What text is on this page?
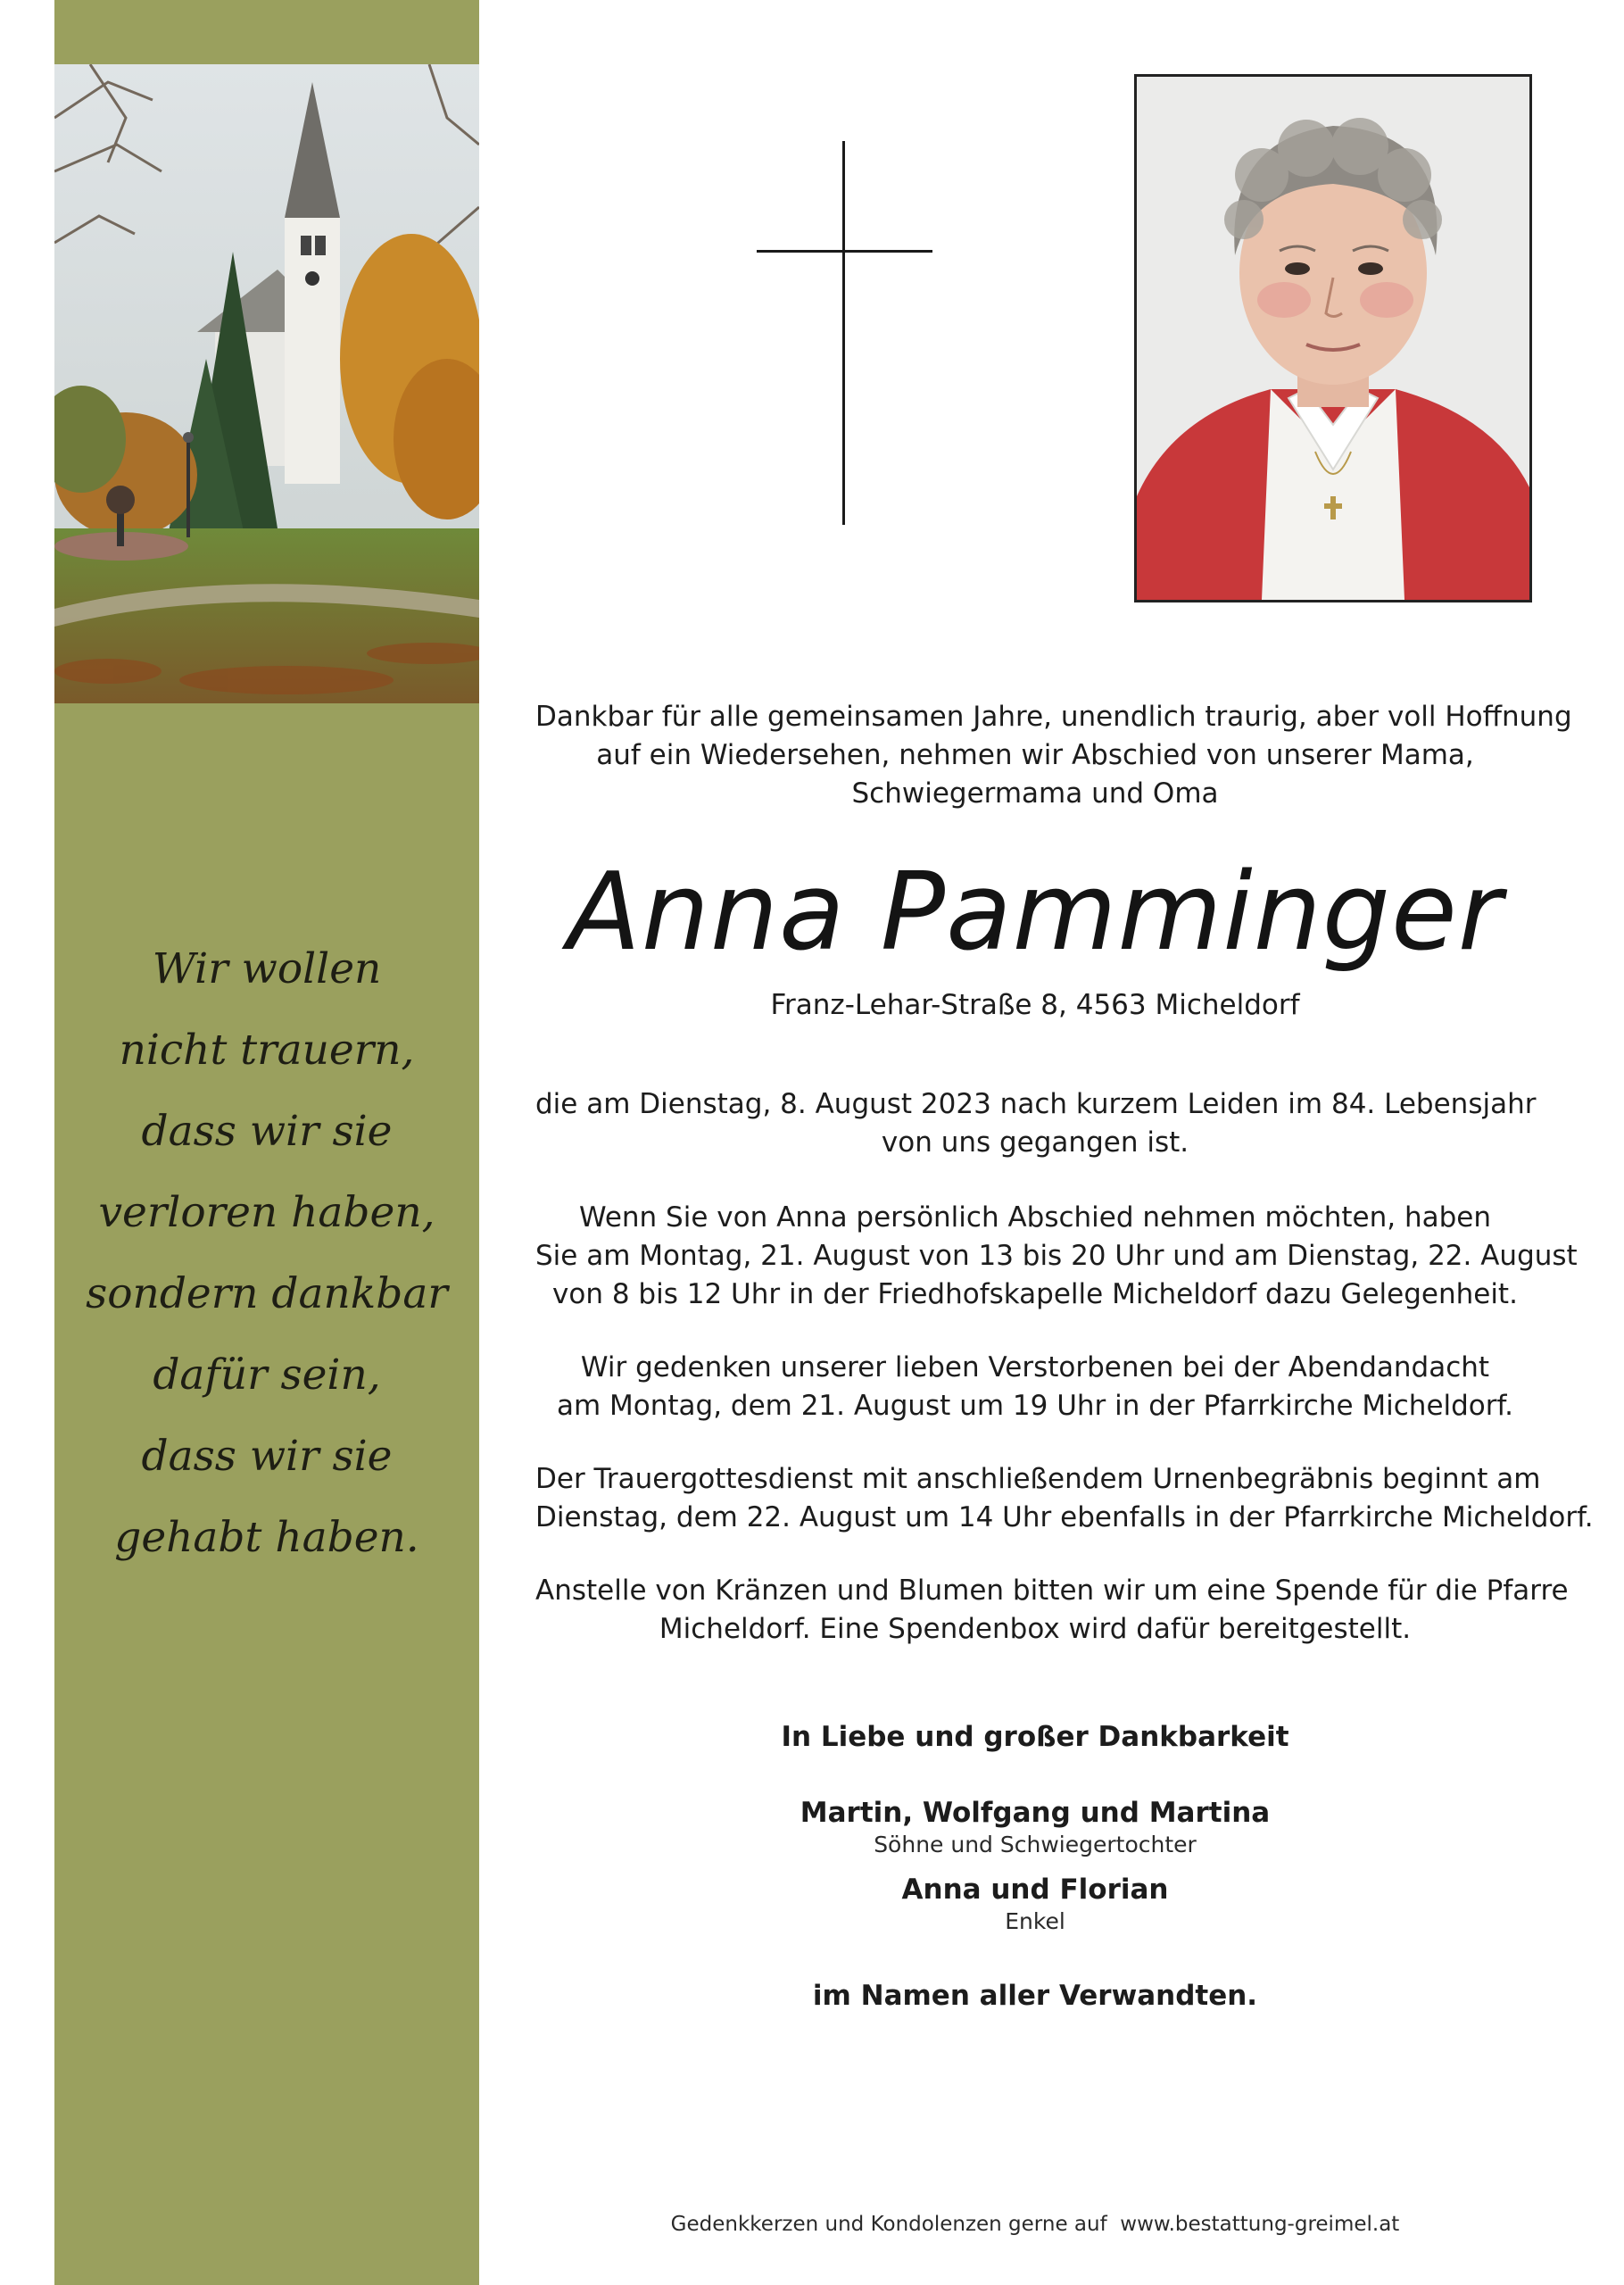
Wir wollen
nicht trauern,
dass wir sie
verloren haben,
sondern dankbar
dafür sein,
dass wir sie
gehabt haben.
Dankbar für alle gemeinsamen Jahre, unendlich traurig, aber voll Hoffnung
auf ein Wiedersehen, nehmen wir Abschied von unserer Mama,
Schwiegermama und Oma
Anna Pamminger
Franz-Lehar-Straße 8, 4563 Micheldorf
die am Dienstag, 8. August 2023 nach kurzem Leiden im 84. Lebensjahr
von uns gegangen ist.
Wenn Sie von Anna persönlich Abschied nehmen möchten, haben
Sie am Montag, 21. August von 13 bis 20 Uhr und am Dienstag, 22. August
von 8 bis 12 Uhr in der Friedhofskapelle Micheldorf dazu Gelegenheit.
Wir gedenken unserer lieben Verstorbenen bei der Abendandacht
am Montag, dem 21. August um 19 Uhr in der Pfarrkirche Micheldorf.
Der Trauergottesdienst mit anschließendem Urnenbegräbnis beginnt am
Dienstag, dem 22. August um 14 Uhr ebenfalls in der Pfarrkirche Micheldorf.
Anstelle von Kränzen und Blumen bitten wir um eine Spende für die Pfarre
Micheldorf. Eine Spendenbox wird dafür bereitgestellt.
In Liebe und großer Dankbarkeit
Martin, Wolfgang und Martina
Söhne und Schwiegertochter
Anna und Florian
Enkel
im Namen aller Verwandten.
Gedenkkerzen und Kondolenzen gerne auf  www.bestattung-greimel.at
